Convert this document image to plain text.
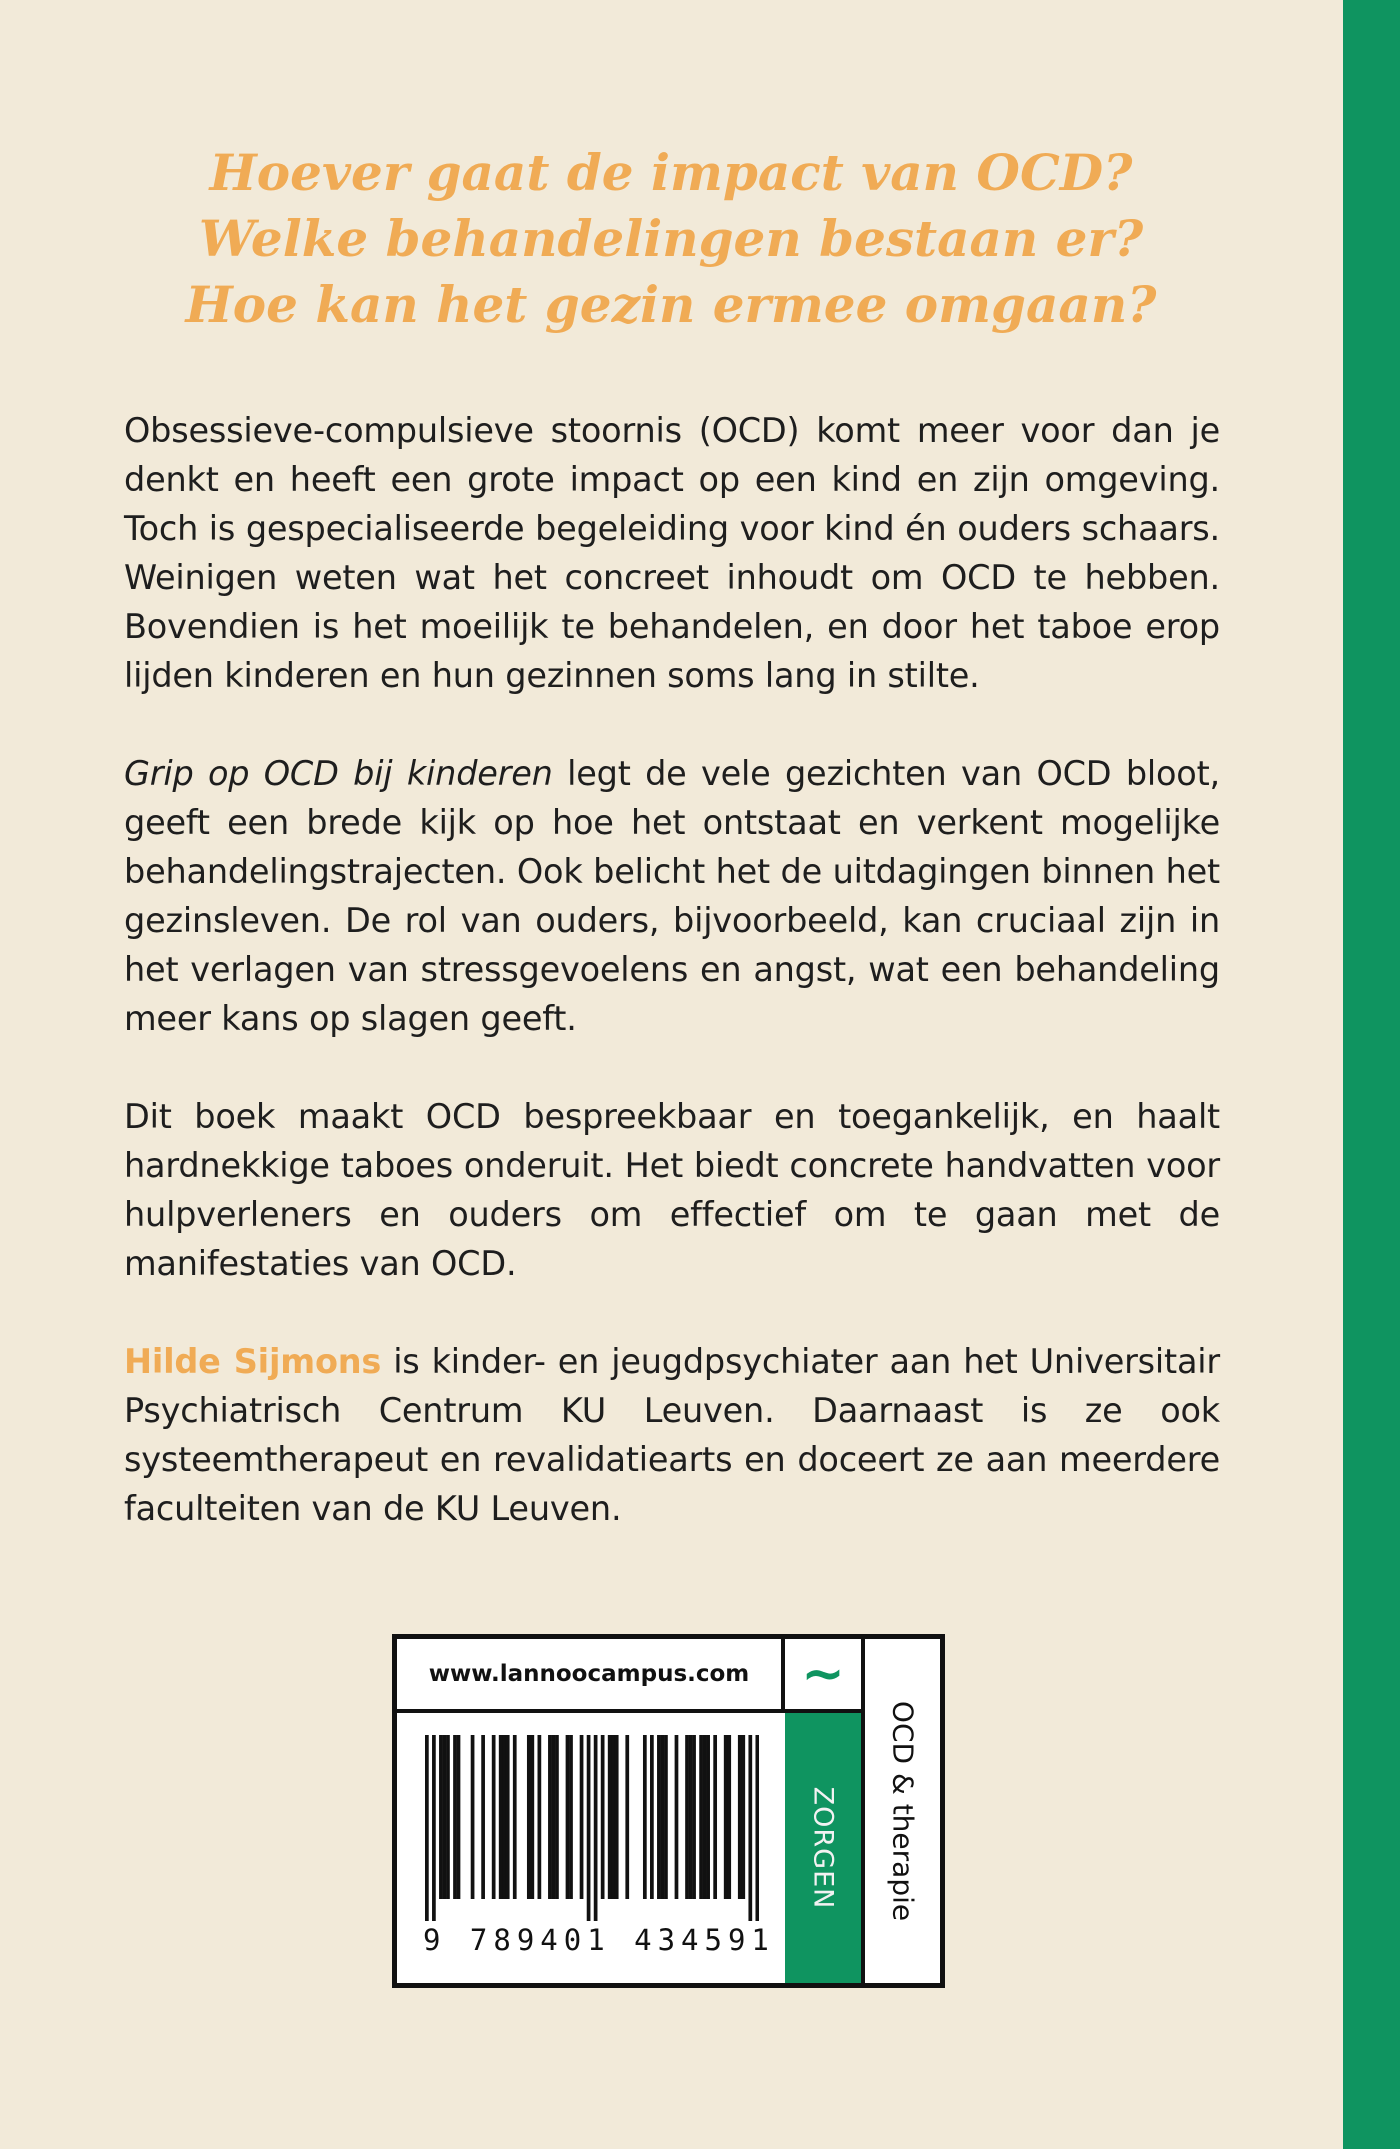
Hoever gaat de impact van OCD?
Welke behandelingen bestaan er?
Hoe kan het gezin ermee omgaan?

Obsessieve-compulsieve stoornis (OCD) komt meer voor dan je denkt en heeft een grote impact op een kind en zijn omgeving. Toch is gespecialiseerde begeleiding voor kind én ouders schaars. Weinigen weten wat het concreet inhoudt om OCD te hebben. Bovendien is het moeilijk te behandelen, en door het taboe erop lijden kinderen en hun gezinnen soms lang in stilte.

Grip op OCD bij kinderen legt de vele gezichten van OCD bloot, geeft een brede kijk op hoe het ontstaat en verkent mogelijke behandelingstrajecten. Ook belicht het de uitdagingen binnen het gezinsleven. De rol van ouders, bijvoorbeeld, kan cruciaal zijn in het verlagen van stressgevoelens en angst, wat een behandeling meer kans op slagen geeft.

Dit boek maakt OCD bespreekbaar en toegankelijk, en haalt hardnekkige taboes onderuit. Het biedt concrete handvatten voor hulpverleners en ouders om effectief om te gaan met de manifestaties van OCD.

Hilde Sijmons is kinder- en jeugdpsychiater aan het Universitair Psychiatrisch Centrum KU Leuven. Daarnaast is ze ook systeemtherapeut en revalidatiearts en doceert ze aan meerdere faculteiten van de KU Leuven.

www.lannoocampus.com ~
ZORGEN OCD & therapie
9 789401 434591
